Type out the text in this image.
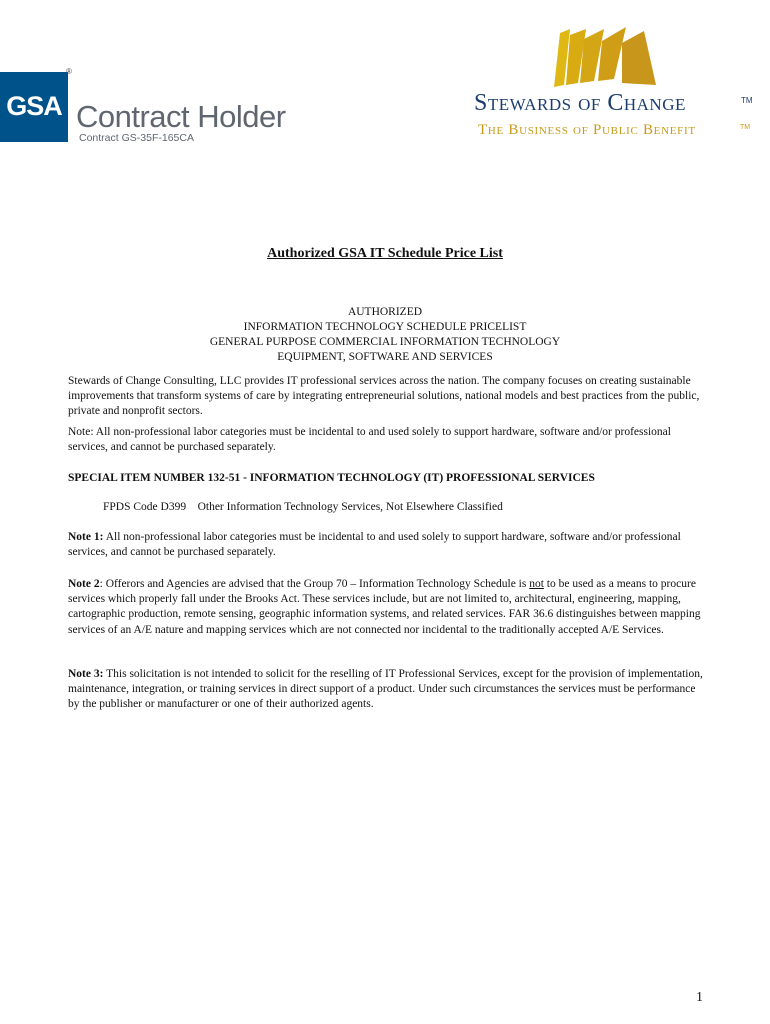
GSA
®
Contract Holder
Contract GS-35F-165CA
Stewards of Change	TM
The Business of Public Benefit	TM
Authorized GSA IT Schedule Price List
AUTHORIZED
INFORMATION TECHNOLOGY SCHEDULE PRICELIST
GENERAL PURPOSE COMMERCIAL INFORMATION TECHNOLOGY
EQUIPMENT, SOFTWARE AND SERVICES
Stewards of Change Consulting, LLC provides IT professional services across the nation. The company focuses on creating sustainable improvements that transform systems of care by integrating entrepreneurial solutions, national models and best practices from the public, private and nonprofit sectors.
Note: All non-professional labor categories must be incidental to and used solely to support hardware, software and/or professional services, and cannot be purchased separately.
SPECIAL ITEM NUMBER 132-51 - INFORMATION TECHNOLOGY (IT) PROFESSIONAL SERVICES
FPDS Code D399    Other Information Technology Services, Not Elsewhere Classified
Note 1: All non-professional labor categories must be incidental to and used solely to support hardware, software and/or professional services, and cannot be purchased separately.
Note 2: Offerors and Agencies are advised that the Group 70 – Information Technology Schedule is not to be used as a means to procure services which properly fall under the Brooks Act. These services include, but are not limited to, architectural, engineering, mapping, cartographic production, remote sensing, geographic information systems, and related services. FAR 36.6 distinguishes between mapping services of an A/E nature and mapping services which are not connected nor incidental to the traditionally accepted A/E Services.
Note 3: This solicitation is not intended to solicit for the reselling of IT Professional Services, except for the provision of implementation, maintenance, integration, or training services in direct support of a product. Under such circumstances the services must be performance by the publisher or manufacturer or one of their authorized agents.
1
